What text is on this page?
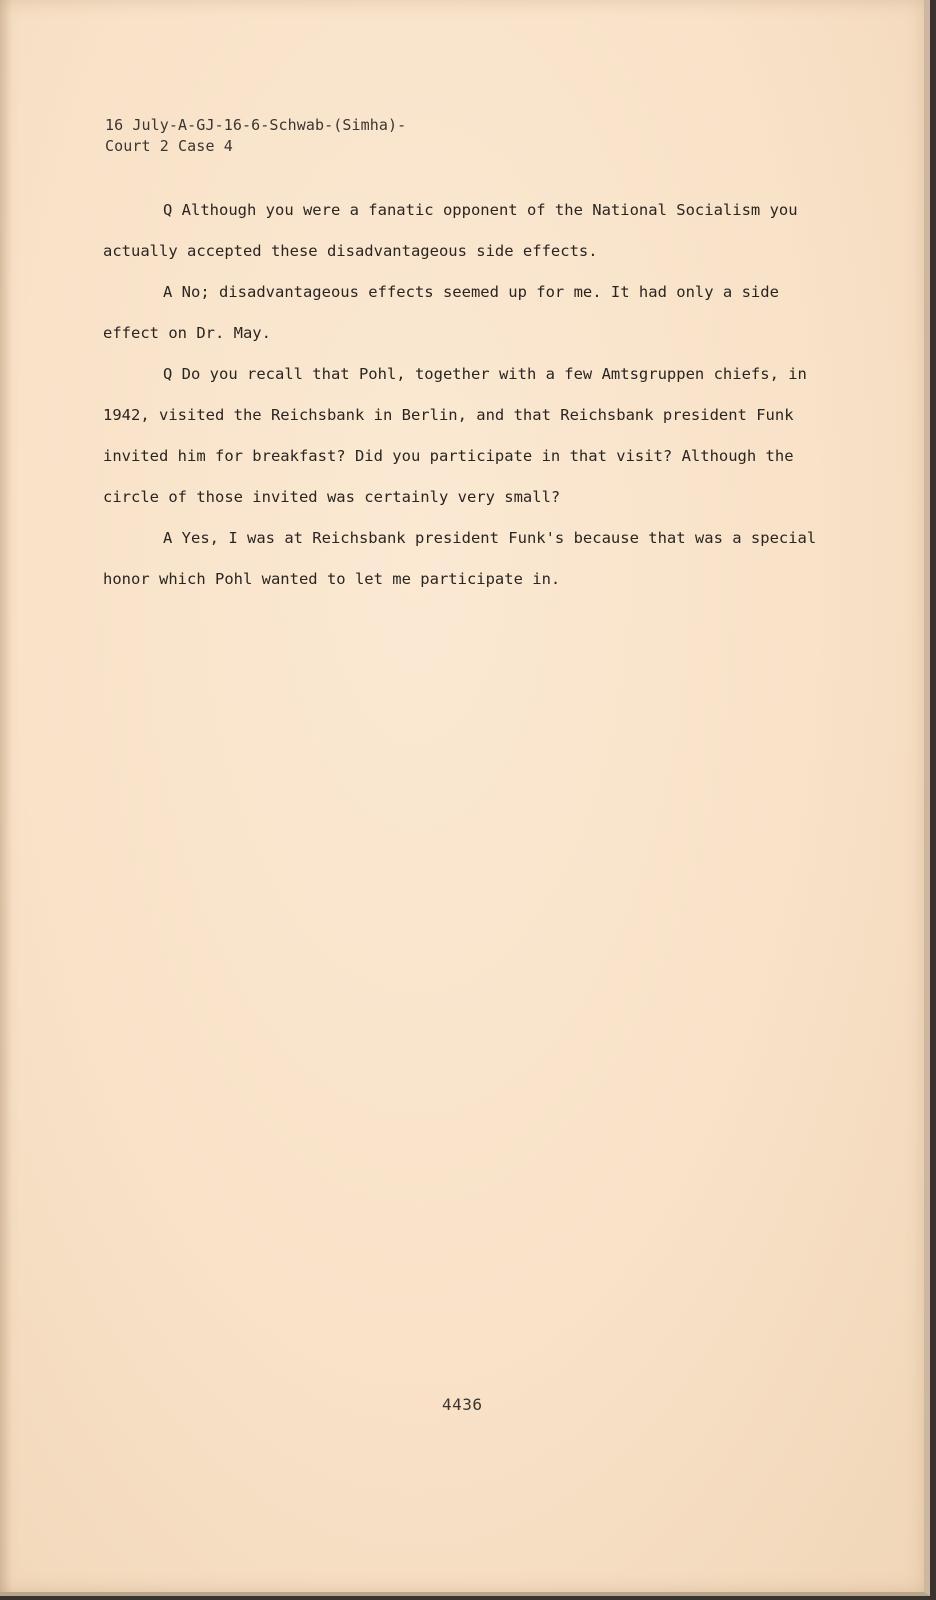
16 July-A-GJ-16-6-Schwab-(Simha)-
Court 2 Case 4

Q Although you were a fanatic opponent of the National Socialism you actually accepted these disadvantageous side effects.

A No; disadvantageous effects seemed up for me. It had only a side effect on Dr. May.

Q Do you recall that Pohl, together with a few Amtsgruppen chiefs, in 1942, visited the Reichsbank in Berlin, and that Reichsbank president Funk invited him for breakfast? Did you participate in that visit? Although the circle of those invited was certainly very small?

A Yes, I was at Reichsbank president Funk's because that was a special honor which Pohl wanted to let me participate in.

4436
